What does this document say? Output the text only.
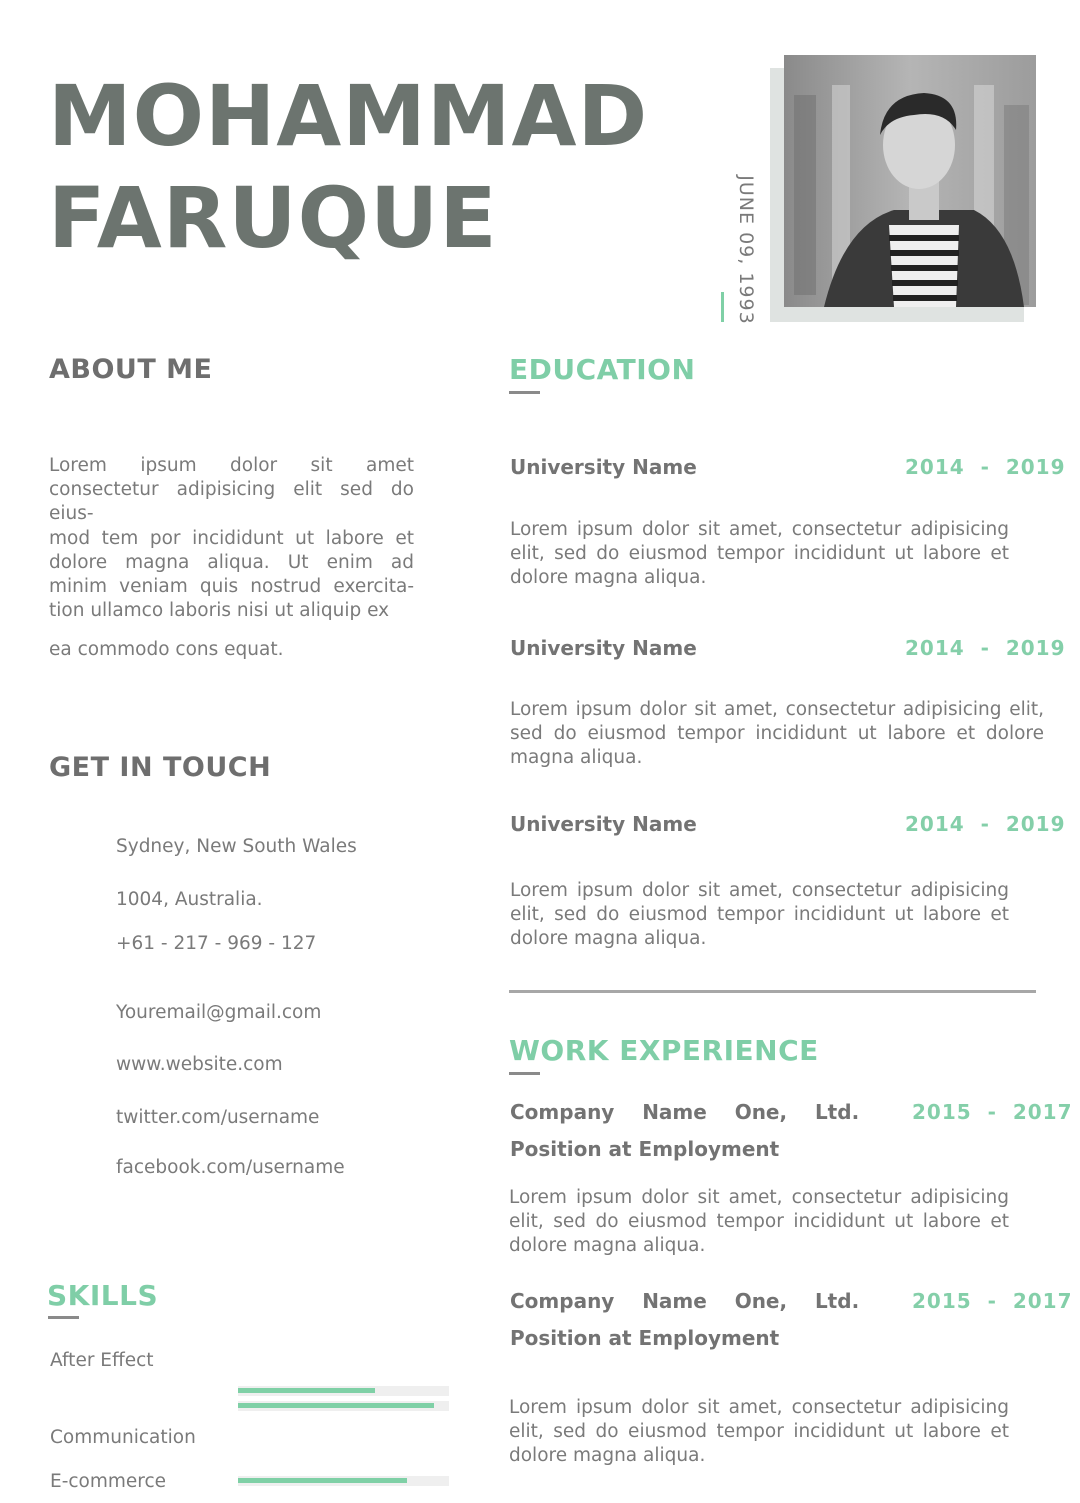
MOHAMMAD
FARUQUE	JUNE 09, 1993
ABOUT ME
Lorem ipsum dolor sit amet consectetur adipisicing elit sed do eius-
mod tem por incididunt ut labore et dolore magna aliqua. Ut enim ad minim veniam quis nostrud exercita- tion ullamco laboris nisi ut aliquip ex
ea commodo cons equat.
GET IN TOUCH
Sydney, New South Wales
1004, Australia.
+61 - 217 - 969 - 127
Youremail@gmail.com
www.website.com
twitter.com/username
facebook.com/username
SKILLS
After Effect
Communication
E-commerce
EDUCATION
University Name	2014  -  2019
Lorem ipsum dolor sit amet, consectetur adipisicing elit, sed do eiusmod tempor incididunt ut labore et dolore magna aliqua.
University Name	2014  -  2019
Lorem ipsum dolor sit amet, consectetur adipisicing elit, sed do eiusmod tempor incididunt ut labore et dolore magna aliqua.
University Name	2014  -  2019
Lorem ipsum dolor sit amet, consectetur adipisicing elit, sed do eiusmod tempor incididunt ut labore et dolore magna aliqua.
WORK EXPERIENCE
Company    Name    One,    Ltd.	2015  -  2017
Position at Employment
Lorem ipsum dolor sit amet, consectetur adipisicing elit, sed do eiusmod tempor incididunt ut labore et dolore magna aliqua.
Company    Name    One,    Ltd.	2015  -  2017
Position at Employment
Lorem ipsum dolor sit amet, consectetur adipisicing elit, sed do eiusmod tempor incididunt ut labore et dolore magna aliqua.
